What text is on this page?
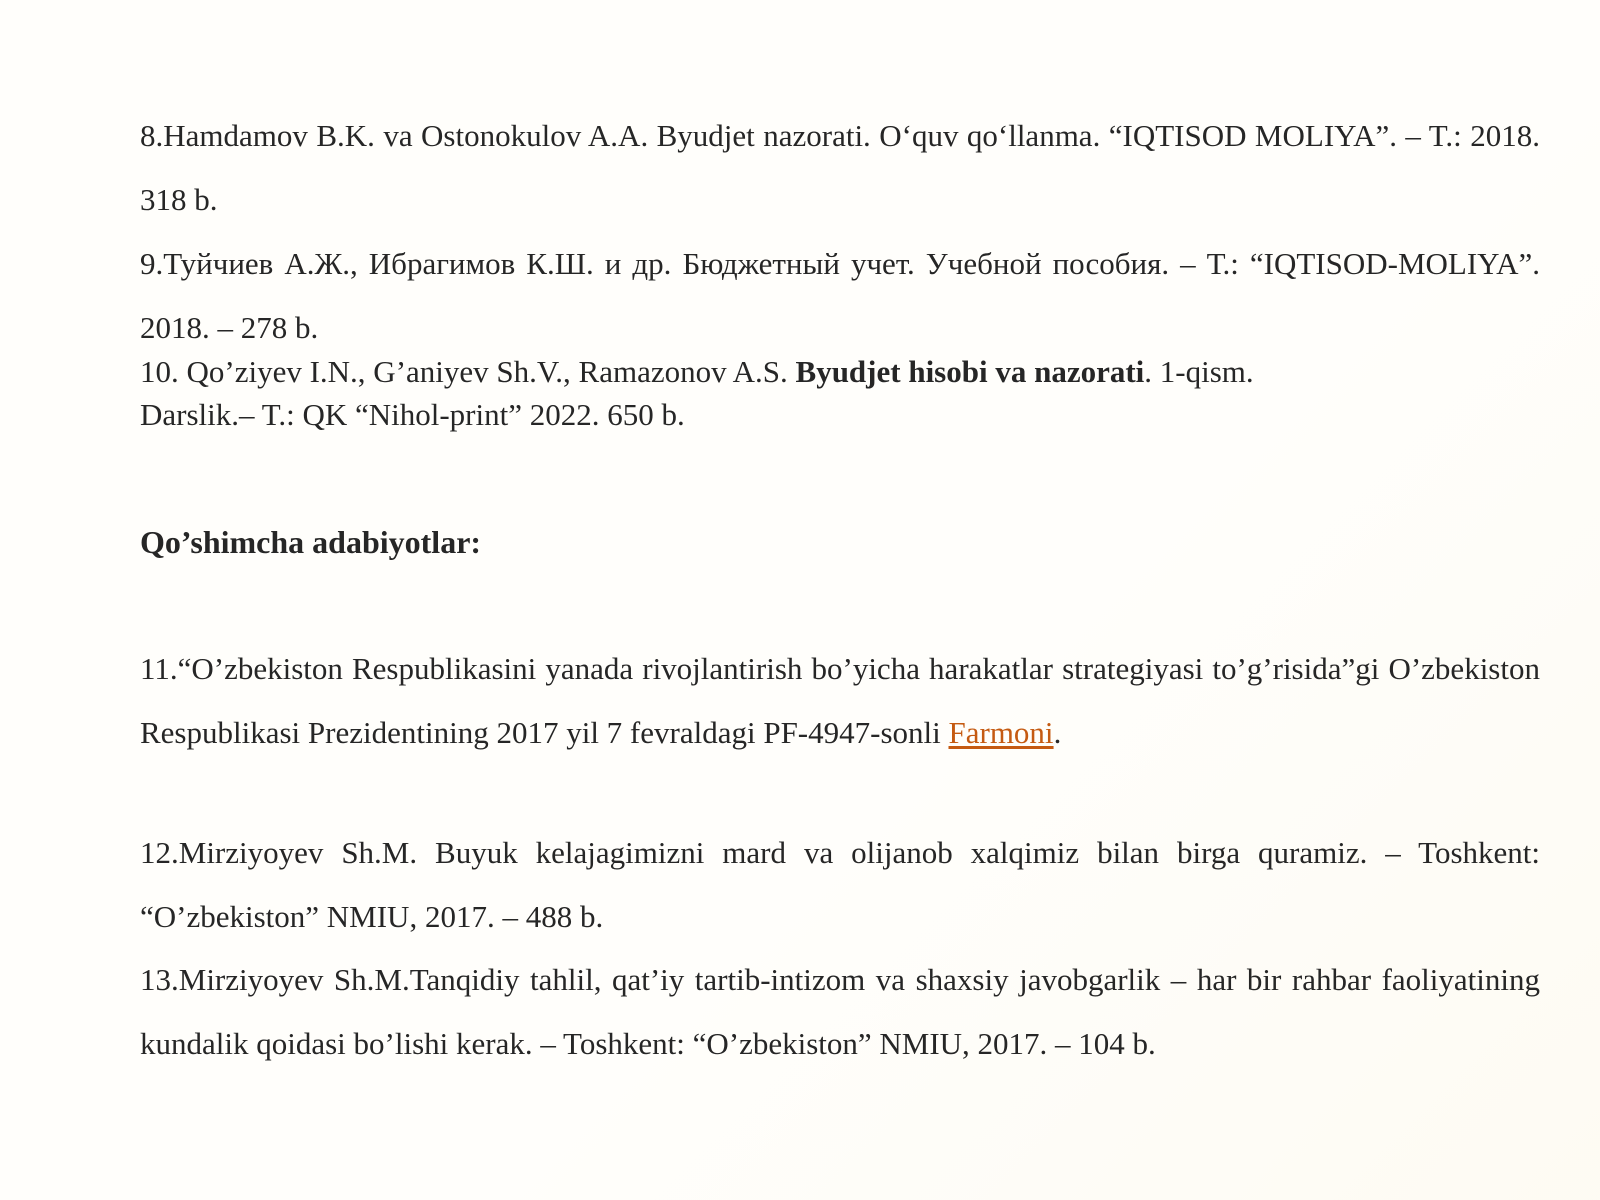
8.Hamdamov B.K. va Ostonokulov A.A. Byudjet nazorati. O‘quv qo‘llanma. “IQTISOD MOLIYA”. – T.: 2018. 318 b.

9.Туйчиев А.Ж., Ибрагимов К.Ш. и др. Бюджетный учет. Учебной пособия. – Т.: “IQTISOD-MOLIYA”. 2018. – 278 b.

10. Qo’ziyev I.N., G’aniyev Sh.V., Ramazonov A.S. Byudjet hisobi va nazorati. 1-qism.
Darslik.– T.: QK “Nihol-print” 2022. 650 b.

Qo’shimcha adabiyotlar:

11.“O’zbekiston Respublikasini yanada rivojlantirish bo’yicha harakatlar strategiyasi to’g’risida”gi O’zbekiston Respublikasi Prezidentining 2017 yil 7 fevraldagi PF-4947-sonli Farmoni.

12.Mirziyoyev Sh.M. Buyuk kelajagimizni mard va olijanob xalqimiz bilan birga quramiz. – Toshkent: “O’zbekiston” NMIU, 2017. – 488 b.

13.Mirziyoyev Sh.M.Tanqidiy tahlil, qat’iy tartib-intizom va shaxsiy javobgarlik – har bir rahbar faoliyatining kundalik qoidasi bo’lishi kerak. – Toshkent: “O’zbekiston” NMIU, 2017. – 104 b.
